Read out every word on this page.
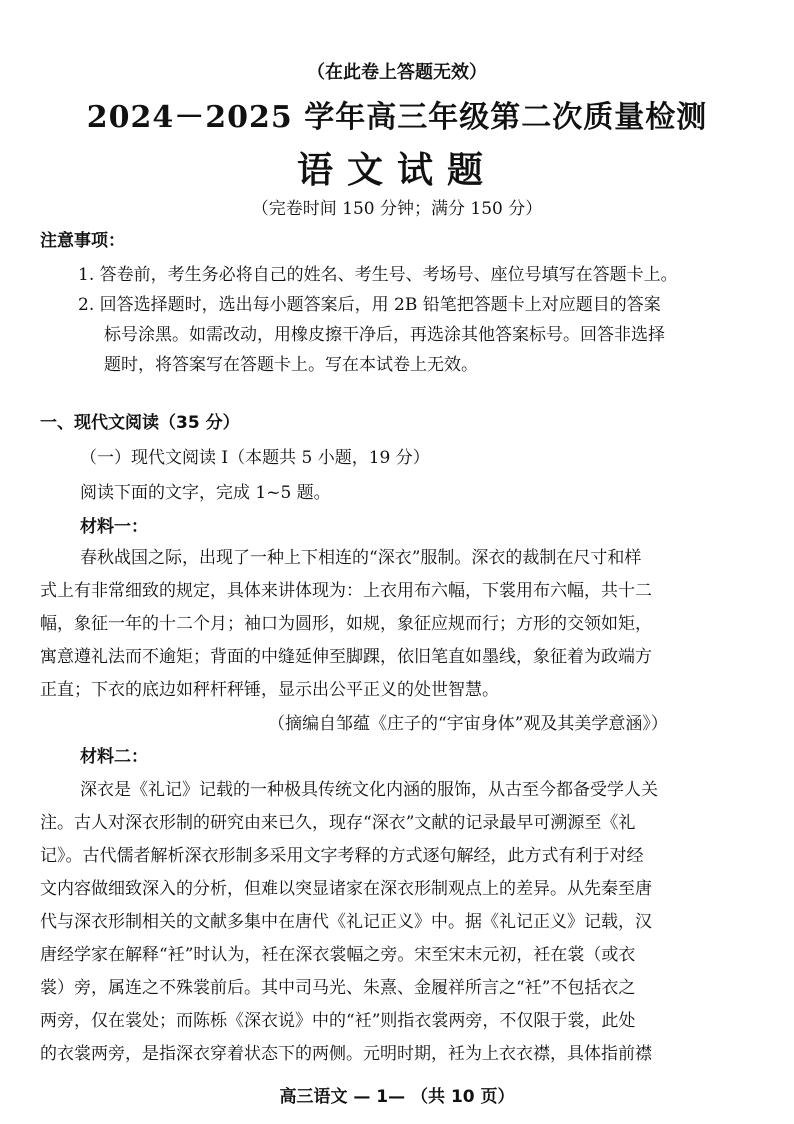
（在此卷上答题无效）
2024－2025 学年高三年级第二次质量检测
语文试题
（完卷时间 150 分钟；满分 150 分）
注意事项：
1. 答卷前，考生务必将自己的姓名、考生号、考场号、座位号填写在答题卡上。
2. 回答选择题时，选出每小题答案后，用 2B 铅笔把答题卡上对应题目的答案
标号涂黑。如需改动，用橡皮擦干净后，再选涂其他答案标号。回答非选择
题时，将答案写在答题卡上。写在本试卷上无效。
一、现代文阅读（35 分）
（一）现代文阅读 I（本题共 5 小题，19 分）
阅读下面的文字，完成 1~5 题。
材料一：
春秋战国之际，出现了一种上下相连的“深衣”服制。深衣的裁制在尺寸和样
式上有非常细致的规定，具体来讲体现为：上衣用布六幅，下裳用布六幅，共十二
幅，象征一年的十二个月；袖口为圆形，如规，象征应规而行；方形的交领如矩，
寓意遵礼法而不逾矩；背面的中缝延伸至脚踝，依旧笔直如墨线，象征着为政端方
正直；下衣的底边如秤杆秤锤，显示出公平正义的处世智慧。
（摘编自邹蕴《庄子的“宇宙身体”观及其美学意涵》）
材料二：
深衣是《礼记》记载的一种极具传统文化内涵的服饰，从古至今都备受学人关
注。古人对深衣形制的研究由来已久，现存“深衣”文献的记录最早可溯源至《礼
记》。古代儒者解析深衣形制多采用文字考释的方式逐句解经，此方式有利于对经
文内容做细致深入的分析，但难以突显诸家在深衣形制观点上的差异。从先秦至唐
代与深衣形制相关的文献多集中在唐代《礼记正义》中。据《礼记正义》记载，汉
唐经学家在解释“衽”时认为，衽在深衣裳幅之旁。宋至宋末元初，衽在裳（或衣
裳）旁，属连之不殊裳前后。其中司马光、朱熹、金履祥所言之“衽”不包括衣之
两旁，仅在裳处；而陈栎《深衣说》中的“衽”则指衣裳两旁，不仅限于裳，此处
的衣裳两旁，是指深衣穿着状态下的两侧。元明时期，衽为上衣衣襟，具体指前襟
高三语文 — 1— （共 10 页）
